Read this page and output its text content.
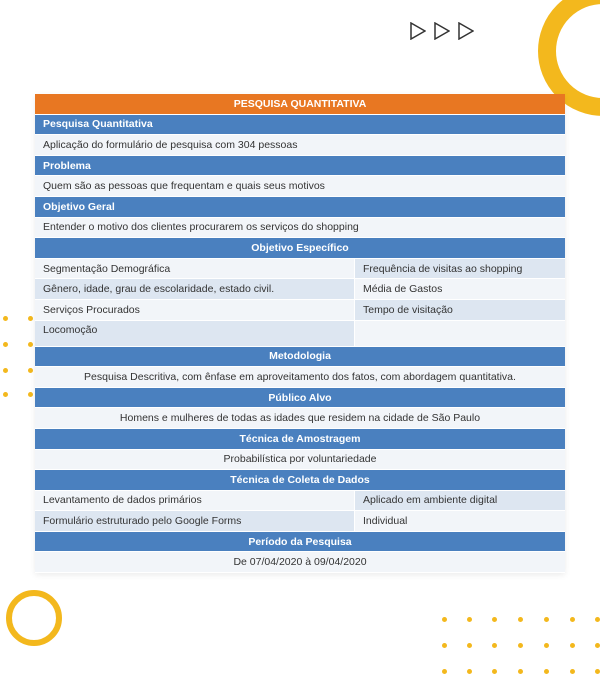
PESQUISA QUANTITATIVA
Pesquisa Quantitativa
Aplicação do formulário de pesquisa com 304 pessoas
Problema
Quem são as pessoas que frequentam e quais seus motivos
Objetivo Geral
Entender o motivo dos clientes procurarem os serviços do shopping
Objetivo Específico
Segmentação Demográfica	Frequência de visitas ao shopping
Gênero, idade, grau de escolaridade, estado civil.	Média de Gastos
Serviços Procurados	Tempo de visitação
Locomoção
Metodologia
Pesquisa Descritiva, com ênfase em aproveitamento dos fatos, com abordagem quantitativa.
Público Alvo
Homens e mulheres de todas as idades que residem na cidade de São Paulo
Técnica de Amostragem
Probabilística por voluntariedade
Técnica de Coleta de Dados
Levantamento de dados primários	Aplicado em ambiente digital
Formulário estruturado pelo Google Forms	Individual
Período da Pesquisa
De 07/04/2020 à 09/04/2020
